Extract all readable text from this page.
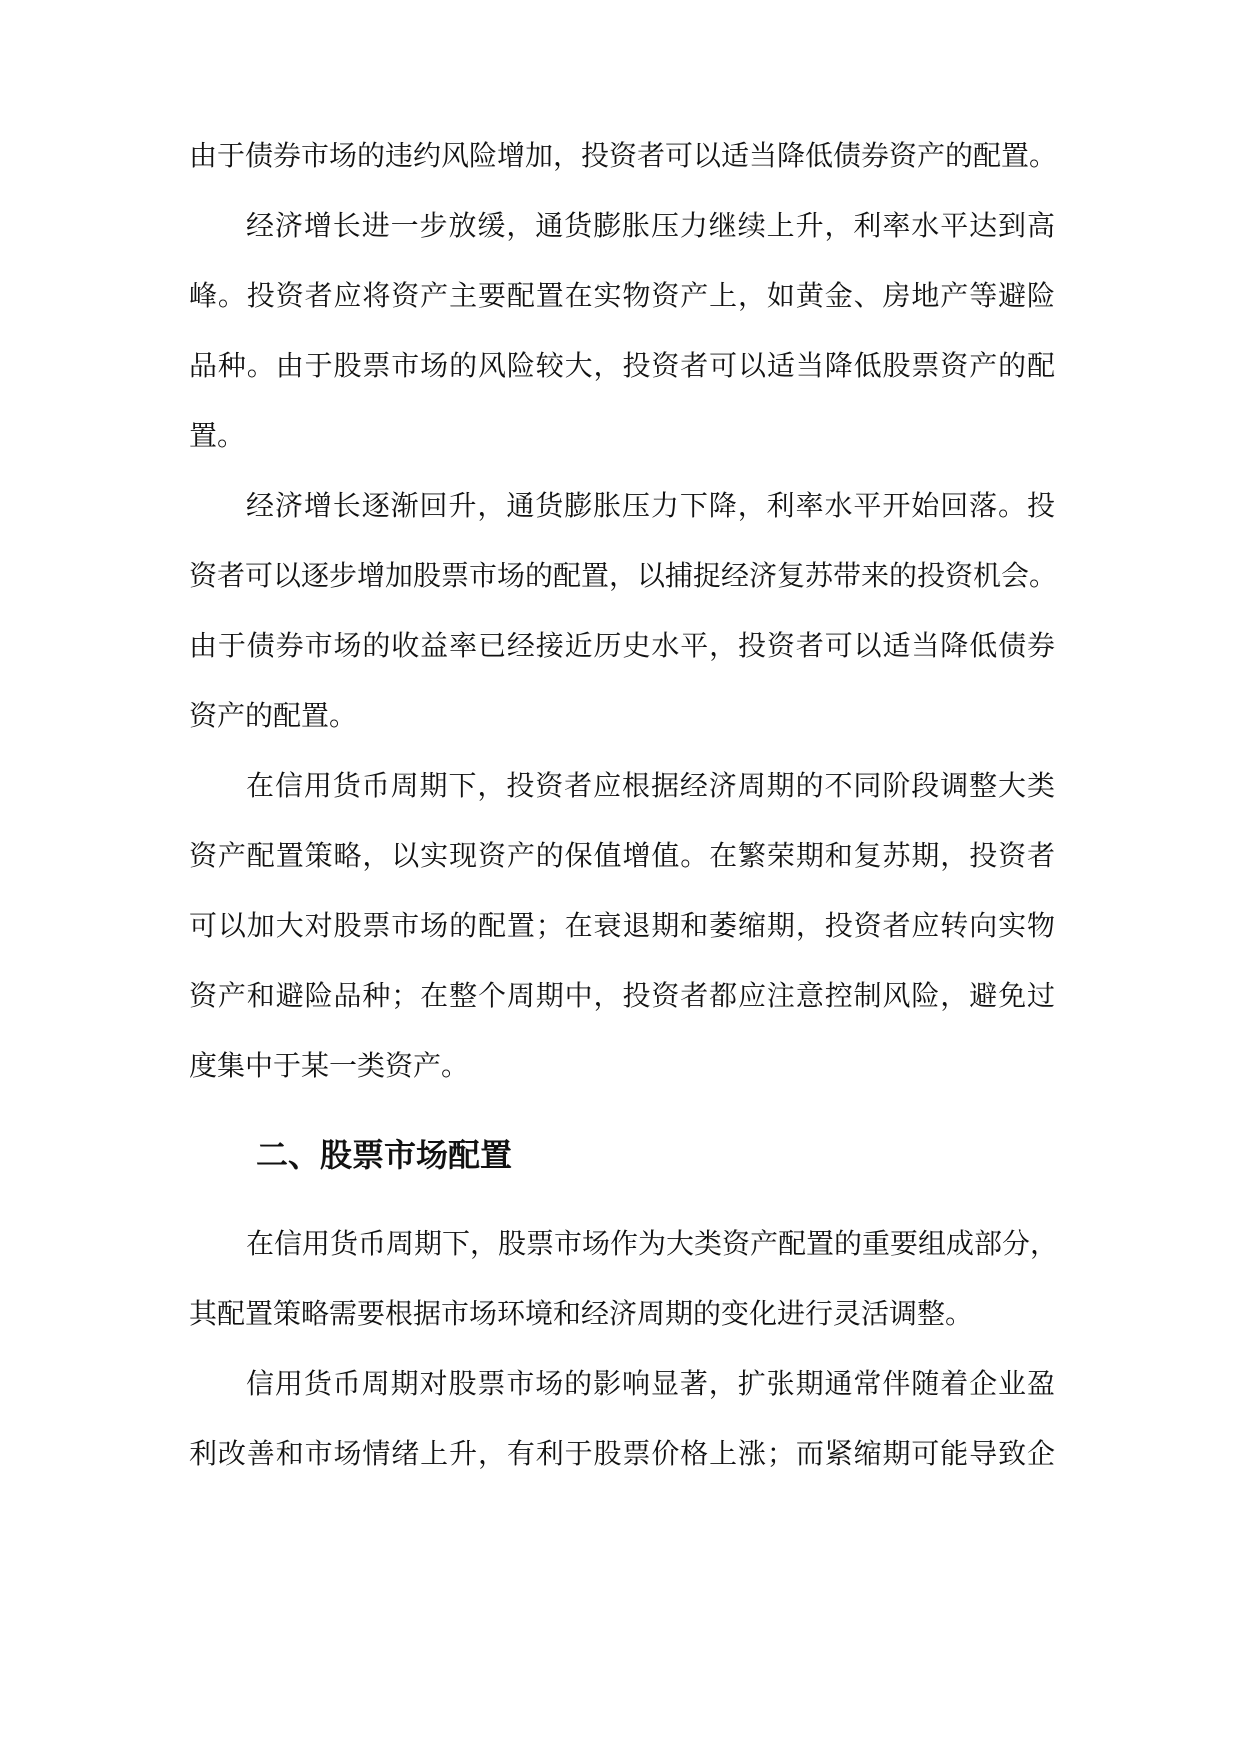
由于债券市场的违约风险增加，投资者可以适当降低债券资产的配置。
经济增长进一步放缓，通货膨胀压力继续上升，利率水平达到高
峰。投资者应将资产主要配置在实物资产上，如黄金、房地产等避险
品种。由于股票市场的风险较大，投资者可以适当降低股票资产的配
置。
经济增长逐渐回升，通货膨胀压力下降，利率水平开始回落。投
资者可以逐步增加股票市场的配置，以捕捉经济复苏带来的投资机会。
由于债券市场的收益率已经接近历史水平，投资者可以适当降低债券
资产的配置。
在信用货币周期下，投资者应根据经济周期的不同阶段调整大类
资产配置策略，以实现资产的保值增值。在繁荣期和复苏期，投资者
可以加大对股票市场的配置；在衰退期和萎缩期，投资者应转向实物
资产和避险品种；在整个周期中，投资者都应注意控制风险，避免过
度集中于某一类资产。
二、股票市场配置
在信用货币周期下，股票市场作为大类资产配置的重要组成部分，
其配置策略需要根据市场环境和经济周期的变化进行灵活调整。
信用货币周期对股票市场的影响显著，扩张期通常伴随着企业盈
利改善和市场情绪上升，有利于股票价格上涨；而紧缩期可能导致企
